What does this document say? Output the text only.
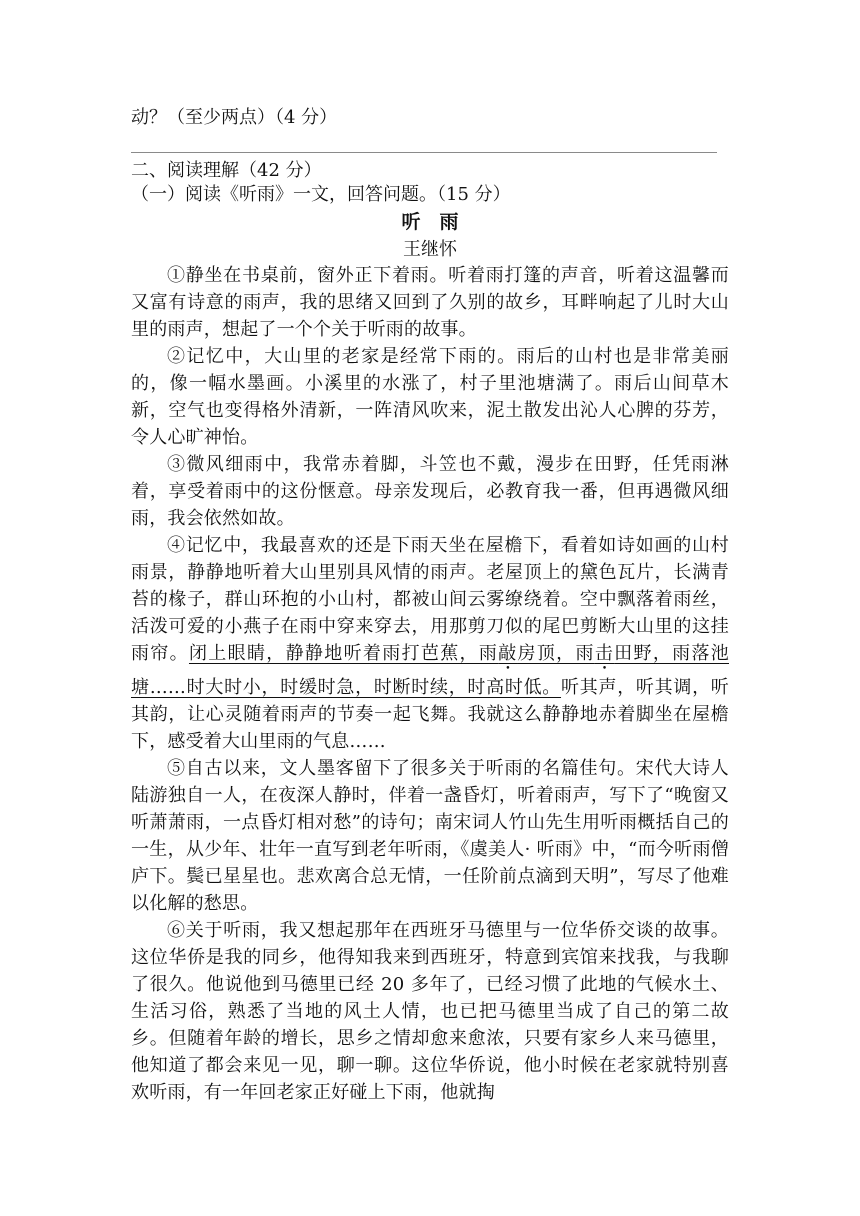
动？（至少两点）（4 分）
二、阅读理解（42 分）
（一）阅读《听雨》一文，回答问题。（15 分）
听　雨
王继怀

①静坐在书桌前，窗外正下着雨。听着雨打篷的声音，听着这温馨而又富有诗意的雨声，我的思绪又回到了久别的故乡，耳畔响起了儿时大山里的雨声，想起了一个个关于听雨的故事。

②记忆中，大山里的老家是经常下雨的。雨后的山村也是非常美丽的，像一幅水墨画。小溪里的水涨了，村子里池塘满了。雨后山间草木新，空气也变得格外清新，一阵清风吹来，泥土散发出沁人心脾的芬芳，令人心旷神怡。

③微风细雨中，我常赤着脚，斗笠也不戴，漫步在田野，任凭雨淋着，享受着雨中的这份惬意。母亲发现后，必教育我一番，但再遇微风细雨，我会依然如故。

④记忆中，我最喜欢的还是下雨天坐在屋檐下，看着如诗如画的山村雨景，静静地听着大山里别具风情的雨声。老屋顶上的黛色瓦片，长满青苔的椽子，群山环抱的小山村，都被山间云雾缭绕着。空中飘落着雨丝，活泼可爱的小燕子在雨中穿来穿去，用那剪刀似的尾巴剪断大山里的这挂雨帘。闭上眼睛，静静地听着雨打芭蕉，雨敲房顶，雨击田野，雨落池塘……时大时小，时缓时急，时断时续，时高时低。听其声，听其调，听其韵，让心灵随着雨声的节奏一起飞舞。我就这么静静地赤着脚坐在屋檐下，感受着大山里雨的气息……

⑤自古以来，文人墨客留下了很多关于听雨的名篇佳句。宋代大诗人陆游独自一人，在夜深人静时，伴着一盏昏灯，听着雨声，写下了“晚窗又听萧萧雨，一点昏灯相对愁”的诗句；南宋词人竹山先生用听雨概括自己的一生，从少年、壮年一直写到老年听雨，《虞美人· 听雨》中，“而今听雨僧庐下。鬓已星星也。悲欢离合总无情，一任阶前点滴到天明”，写尽了他难以化解的愁思。

⑥关于听雨，我又想起那年在西班牙马德里与一位华侨交谈的故事。这位华侨是我的同乡，他得知我来到西班牙，特意到宾馆来找我，与我聊了很久。他说他到马德里已经 20 多年了，已经习惯了此地的气候水土、生活习俗，熟悉了当地的风土人情，也已把马德里当成了自己的第二故乡。但随着年龄的增长，思乡之情却愈来愈浓，只要有家乡人来马德里，他知道了都会来见一见，聊一聊。这位华侨说，他小时候在老家就特别喜欢听雨，有一年回老家正好碰上下雨，他就掏
